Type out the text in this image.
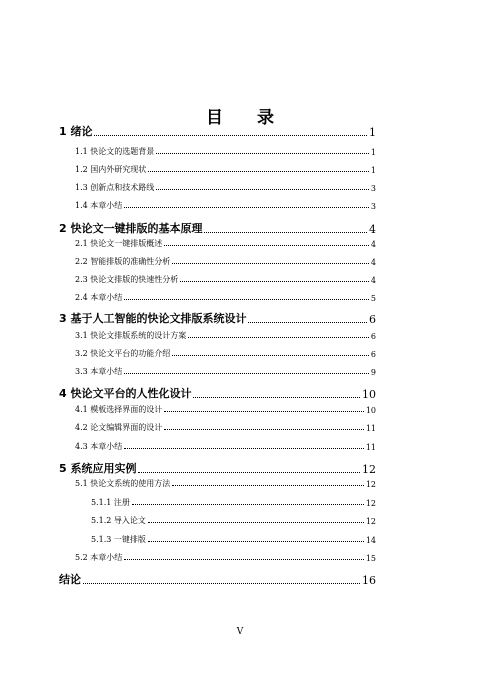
目 录
1 绪论	1
1.1 快论文的选题背景	1
1.2 国内外研究现状	1
1.3 创新点和技术路线	3
1.4 本章小结	3
2 快论文一键排版的基本原理	4
2.1 快论文一键排版概述	4
2.2 智能排版的准确性分析	4
2.3 快论文排版的快速性分析	4
2.4 本章小结	5
3 基于人工智能的快论文排版系统设计	6
3.1 快论文排版系统的设计方案	6
3.2 快论文平台的功能介绍	6
3.3 本章小结	9
4 快论文平台的人性化设计	10
4.1 模板选择界面的设计	10
4.2 论文编辑界面的设计	11
4.3 本章小结	11
5 系统应用实例	12
5.1 快论文系统的使用方法	12
5.1.1 注册	12
5.1.2 导入论文	12
5.1.3 一键排版	14
5.2 本章小结	15
结论	16
V
